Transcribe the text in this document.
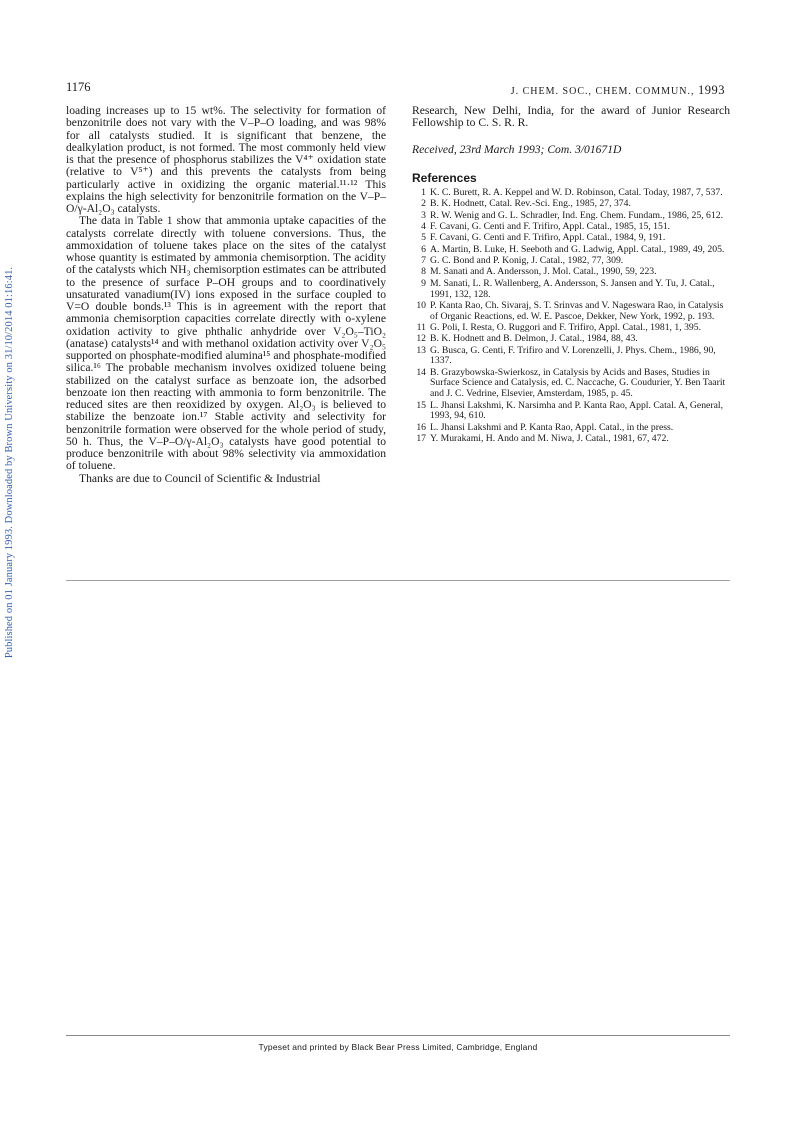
Published on 01 January 1993. Downloaded by Brown University on 31/10/2014 01:16:41.
1176	J. CHEM. SOC., CHEM. COMMUN., 1993

loading increases up to 15 wt%. The selectivity for formation of benzonitrile does not vary with the V–P–O loading, and was 98% for all catalysts studied. It is significant that benzene, the dealkylation product, is not formed. The most commonly held view is that the presence of phosphorus stabilizes the V⁴⁺ oxidation state (relative to V⁵⁺) and this prevents the catalysts from being particularly active in oxidizing the organic material.¹¹·¹² This explains the high selectivity for benzonitrile formation on the V–P–O/γ-Al₂O₃ catalysts.

The data in Table 1 show that ammonia uptake capacities of the catalysts correlate directly with toluene conversions. Thus, the ammoxidation of toluene takes place on the sites of the catalyst whose quantity is estimated by ammonia chemisorption. The acidity of the catalysts which NH₃ chemisorption estimates can be attributed to the presence of surface P–OH groups and to coordinatively unsaturated vanadium(IV) ions exposed in the surface coupled to V=O double bonds.¹³ This is in agreement with the report that ammonia chemisorption capacities correlate directly with o-xylene oxidation activity to give phthalic anhydride over V₂O₅–TiO₂ (anatase) catalysts¹⁴ and with methanol oxidation activity over V₂O₅ supported on phosphate-modified alumina¹⁵ and phosphate-modified silica.¹⁶ The probable mechanism involves oxidized toluene being stabilized on the catalyst surface as benzoate ion, the adsorbed benzoate ion then reacting with ammonia to form benzonitrile. The reduced sites are then reoxidized by oxygen. Al₂O₃ is believed to stabilize the benzoate ion.¹⁷ Stable activity and selectivity for benzonitrile formation were observed for the whole period of study, 50 h. Thus, the V–P–O/γ-Al₂O₃ catalysts have good potential to produce benzonitrile with about 98% selectivity via ammoxidation of toluene.

Thanks are due to Council of Scientific & Industrial

Research, New Delhi, India, for the award of Junior Research Fellowship to C. S. R. R.

Received, 23rd March 1993; Com. 3/01671D

References
1 K. C. Burett, R. A. Keppel and W. D. Robinson, Catal. Today, 1987, 7, 537.
2 B. K. Hodnett, Catal. Rev.-Sci. Eng., 1985, 27, 374.
3 R. W. Wenig and G. L. Schradler, Ind. Eng. Chem. Fundam., 1986, 25, 612.
4 F. Cavani, G. Centi and F. Trifiro, Appl. Catal., 1985, 15, 151.
5 F. Cavani, G. Centi and F. Trifiro, Appl. Catal., 1984, 9, 191.
6 A. Martin, B. Luke, H. Seeboth and G. Ladwig, Appl. Catal., 1989, 49, 205.
7 G. C. Bond and P. Konig, J. Catal., 1982, 77, 309.
8 M. Sanati and A. Andersson, J. Mol. Catal., 1990, 59, 223.
9 M. Sanati, L. R. Wallenberg, A. Andersson, S. Jansen and Y. Tu, J. Catal., 1991, 132, 128.
10 P. Kanta Rao, Ch. Sivaraj, S. T. Srinvas and V. Nageswara Rao, in Catalysis of Organic Reactions, ed. W. E. Pascoe, Dekker, New York, 1992, p. 193.
11 G. Poli, I. Resta, O. Ruggori and F. Trifiro, Appl. Catal., 1981, 1, 395.
12 B. K. Hodnett and B. Delmon, J. Catal., 1984, 88, 43.
13 G. Busca, G. Centi, F. Trifiro and V. Lorenzelli, J. Phys. Chem., 1986, 90, 1337.
14 B. Grazybowska-Swierkosz, in Catalysis by Acids and Bases, Studies in Surface Science and Catalysis, ed. C. Naccache, G. Coudurier, Y. Ben Taarit and J. C. Vedrine, Elsevier, Amsterdam, 1985, p. 45.
15 L. Jhansi Lakshmi, K. Narsimha and P. Kanta Rao, Appl. Catal. A, General, 1993, 94, 610.
16 L. Jhansi Lakshmi and P. Kanta Rao, Appl. Catal., in the press.
17 Y. Murakami, H. Ando and M. Niwa, J. Catal., 1981, 67, 472.
Typeset and printed by Black Bear Press Limited, Cambridge, England
